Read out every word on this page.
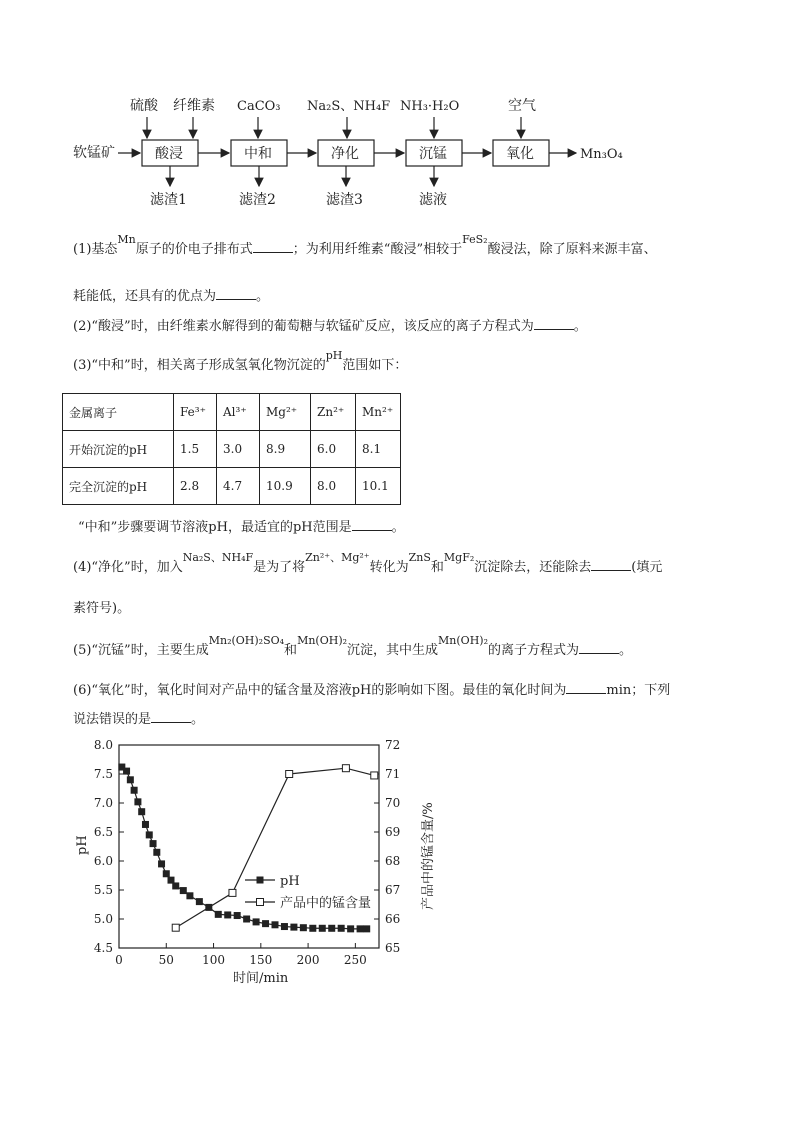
硫酸 纤维素 CaCO₃ Na₂S、NH₄F NH₃·H₂O	空气
软锰矿	酸浸	中和	净化	沉锰	氧化	Mn₃O₄
滤渣1	滤渣2	滤渣3	滤液
(1)基态$^{Mn}$原子的价电子排布式	；为利用纤维素“酸浸”相较于$^{FeS_2}$酸浸法，除了原料来源丰富、
耗能低，还具有的优点为	。
(2)“酸浸”时，由纤维素水解得到的葡萄糖与软锰矿反应，该反应的离子方程式为	。
(3)“中和”时，相关离子形成氢氧化物沉淀的$^{pH}$范围如下：
金属离子	Fe³⁺	Al³⁺	Mg²⁺	Zn²⁺	Mn²⁺
开始沉淀的pH	1.5	3.0	8.9	6.0	8.1
完全沉淀的pH	2.8	4.7	10.9	8.0	10.1
“中和”步骤要调节溶液pH，最适宜的pH范围是	。
(4)“净化”时，加入$^{Na_2S、NH_4F}$是为了将$^{Zn^{2+}、Mg^{2+}}$转化为$^{ZnS}$和$^{MgF_2}$沉淀除去，还能除去	(填元
素符号)。
(5)“沉锰”时，主要生成$^{Mn_2(OH)_2SO_4}$和$^{Mn(OH)_2}$沉淀，其中生成$^{Mn(OH)_2}$的离子方程式为	。
(6)“氧化”时，氧化时间对产品中的锰含量及溶液pH的影响如下图。最佳的氧化时间为	min；下列
说法错误的是	。
0	50 100 150 200 250
4.5
5.0
5.5
6.0
6.5
7.0
7.5
8.0
65
66
67
68
69
70
71
72
时间/min
pH	产品中的锰含量/%
pH
产品中的锰含量
